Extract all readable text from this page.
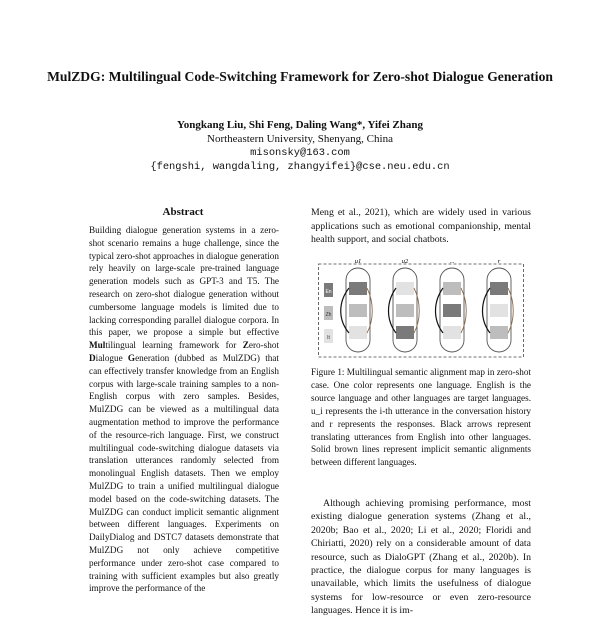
MulZDG: Multilingual Code-Switching Framework for Zero-shot Dialogue Generation
Yongkang Liu, Shi Feng, Daling Wang*, Yifei Zhang
Northeastern University, Shenyang, China
misonsky@163.com
{fengshi, wangdaling, zhangyifei}@cse.neu.edu.cn
Abstract
Building dialogue generation systems in a zero-shot scenario remains a huge challenge, since the typical zero-shot approaches in dialogue generation rely heavily on large-scale pre-trained language generation models such as GPT-3 and T5. The research on zero-shot dialogue generation without cumbersome language models is limited due to lacking corresponding parallel dialogue corpora. In this paper, we propose a simple but effective Multilingual learning framework for Zero-shot Dialogue Generation (dubbed as MulZDG) that can effectively transfer knowledge from an English corpus with large-scale training samples to a non-English corpus with zero samples. Besides, MulZDG can be viewed as a multilingual data augmentation method to improve the performance of the resource-rich language. First, we construct multilingual code-switching dialogue datasets via translation utterances randomly selected from monolingual English datasets. Then we employ MulZDG to train a unified multilingual dialogue model based on the code-switching datasets. The MulZDG can conduct implicit semantic alignment between different languages. Experiments on DailyDialog and DSTC7 datasets demonstrate that MulZDG not only achieve competitive performance under zero-shot case compared to training with sufficient examples but also greatly improve the performance of the
Meng et al., 2021), which are widely used in various applications such as emotional companionship, mental health support, and social chatbots.
u1	u2	...	r
En
Zh
It
Figure 1: Multilingual semantic alignment map in zero-shot case. One color represents one language. English is the source language and other languages are target languages. u_i represents the i-th utterance in the conversation history and r represents the responses. Black arrows represent translating utterances from English into other languages. Solid brown lines represent implicit semantic alignments between different languages.
Although achieving promising performance, most existing dialogue generation systems (Zhang et al., 2020b; Bao et al., 2020; Li et al., 2020; Floridi and Chiriatti, 2020) rely on a considerable amount of data resource, such as DialoGPT (Zhang et al., 2020b). In practice, the dialogue corpus for many languages is unavailable, which limits the usefulness of dialogue systems for low-resource or even zero-resource languages. Hence it is im-
